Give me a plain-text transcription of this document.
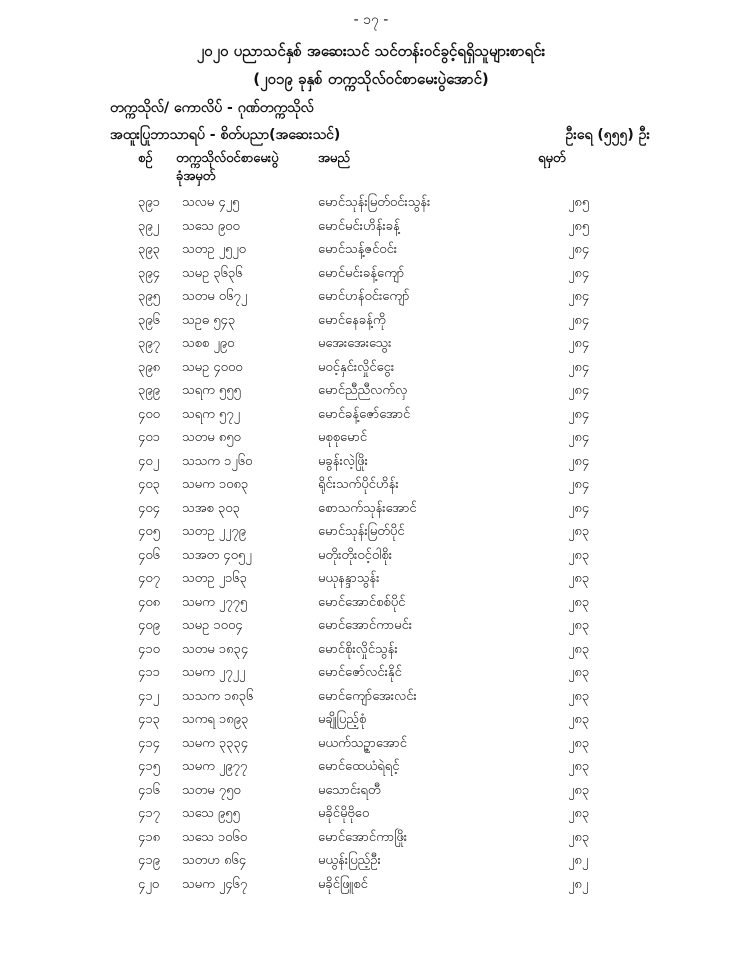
- ၁၇ -
၂၀၂၀ ပညာသင်နှစ် အဆေးသင် သင်တန်းဝင်ခွင့်ရရှိသူများစာရင်း
(၂၀၁၉ ခုနှစ် တက္ကသိုလ်ဝင်စာမေးပွဲအောင်)
တက္ကသိုလ်/ ကောလိပ် - ဂုဏ်တက္ကသိုလ်
အထူးပြုဘာသာရပ် - စိတ်ပညာ(အဆေးသင်)	ဦးရေ (၅၅၅) ဦး
စဉ် တက္ကသိုလ်ဝင်စာမေးပွဲ
ခုံအမှတ်
အမည်	ရမှတ်
၃၉၁ သလမ ၄၂၅	မောင်သုန်းမြတ်ဝင်းသွန်း	၂၈၅
၃၉၂ သသေ ၉၀၀	မောင်မင်းဟိန်းခန့်	၂၈၅
၃၉၃ သတဥ ၂၅၂၀	မောင်သန့်ဇင်ဝင်း	၂၈၄
၃၉၄ သမဥ ၃၆၃၆	မောင်မင်းခန့်ကျော်	၂၈၄
၃၉၅ သတမ ၀၆၇၂	မောင်ဟန်ဝင်းကျော်	၂၈၄
၃၉၆ သဥဓ ၅၄၃	မောင်နေခန့်ကို	၂၈၄
၃၉၇ သစစ ၂၉၀	မအေးအေးသွေး	၂၈၄
၃၉၈ သမဥ ၄၀၀၀	မဝင့်နှင်းလှိုင်ငွေး	၂၈၄
၃၉၉ သရက ၅၅၅	မောင်ညီညီလက်လှ	၂၈၄
၄၀၀ သရက ၅၇၂	မောင်ခန့်ဇော်အောင်	၂၈၄
၄၀၁ သတမ ၈၅၀	မစုစုမောင်	၂၈၄
၄၀၂ သသက ၁၂၆၀	မခွန်းလဲ့ဖြိုး	၂၈၄
၄၀၃ သမက ၁၀၈၃	ရိုင်းသက်ပိုင်ဟိန်း	၂၈၄
၄၀၄ သအစ ၃၀၃	စောသက်သုန်းအောင်	၂၈၄
၄၀၅ သတဥ ၂၂၇၉	မောင်သုန်းမြတ်ပိုင်	၂၈၃
၄၀၆ သအတ ၄၀၅၂	မတိုးတိုးဝင့်ဝါစိုး	၂၈၃
၄၀၇ သတဥ ၂၁၆၃	မယုနန္ဒာသွန်း	၂၈၃
၄၀၈ သမက ၂၇၇၅	မောင်အောင်စစ်ပိုင်	၂၈၃
၄၀၉ သမဥ ၁၀၀၄	မောင်အောင်ကာမင်း	၂၈၃
၄၁၀ သတမ ၁၈၃၄	မောင်စိုးလှိုင်သွန်း	၂၈၃
၄၁၁ သမက ၂၇၂၂	မောင်ဇော်လင်းနိုင်	၂၈၃
၄၁၂ သသက ၁၈၃၆	မောင်ကျော်အေးလင်း	၂၈၃
၄၁၃ သကရ ၁၈၉၃	မချိုပြည့်စုံ	၂၈၃
၄၁၄ သမက ၃၃၃၄	မယက်သဉ္ဇာအောင်	၂၈၃
၄၁၅ သမက ၂၉၇၇	မောင်ထေယံရဲရင့်	၂၈၃
၄၁၆ သတမ ၇၅၀	မသောင်းရတီ	၂၈၃
၄၁၇ သသေ ၉၅၅	မခိုင်မိုဗိုဝေ	၂၈၃
၄၁၈ သသေ ၁၀၆၀	မောင်အောင်ကာဖြိုး	၂၈၃
၄၁၉ သတဟ ၈၆၄	မယွန်းပြည့်ဦး	၂၈၂
၄၂၀ သမက ၂၄၆၇	မခိုင်ဖြူစင်	၂၈၂
